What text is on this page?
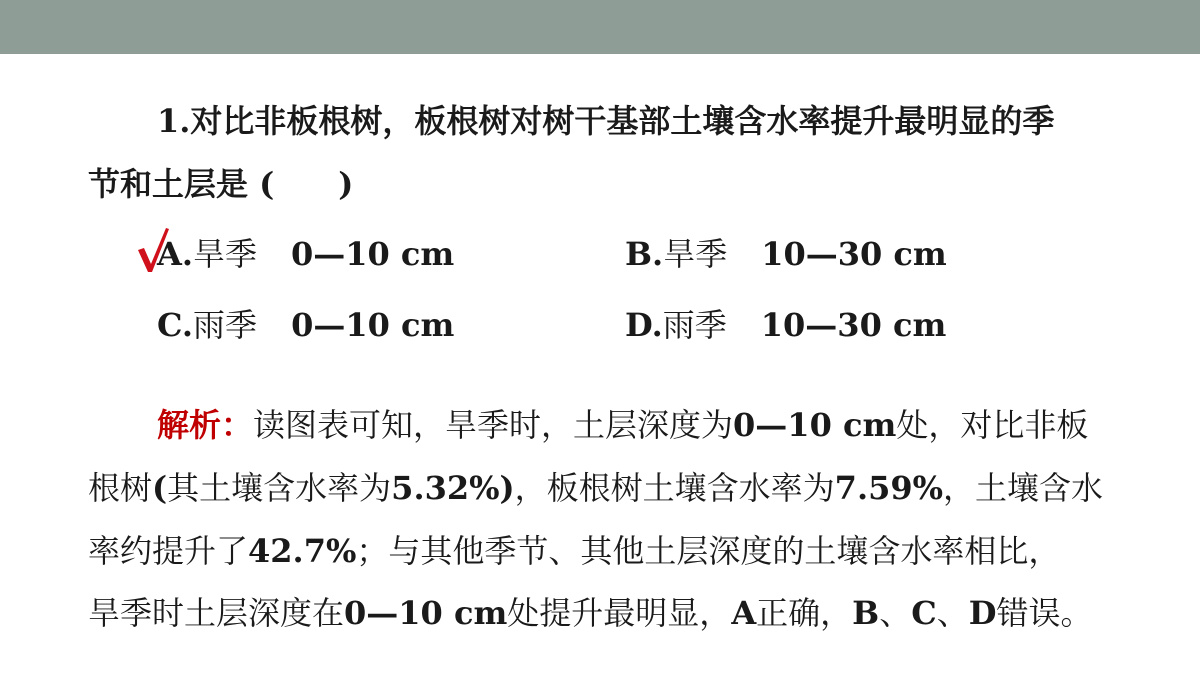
1.对比非板根树，板根树对树干基部土壤含水率提升最明显的季
节和土层是 (　　)
A.旱季 0—10 cm	B.旱季 10—30 cm
C.雨季 0—10 cm	D.雨季 10—30 cm
解析：读图表可知，旱季时，土层深度为0—10 cm处，对比非板
根树(其土壤含水率为5.32%)，板根树土壤含水率为7.59%，土壤含水
率约提升了42.7%；与其他季节、其他土层深度的土壤含水率相比，
旱季时土层深度在0—10 cm处提升最明显，A正确，B、C、D错误。
